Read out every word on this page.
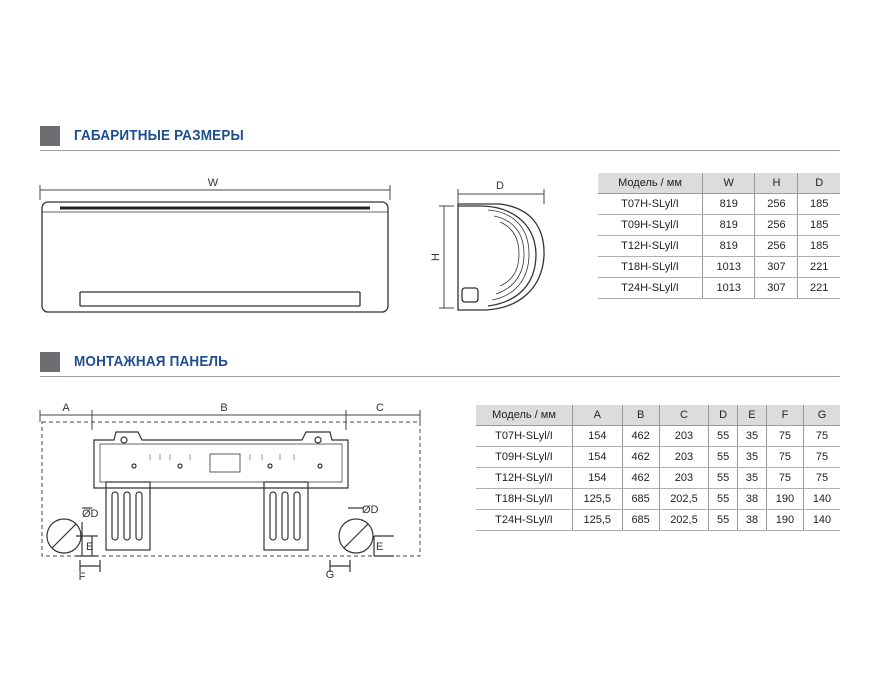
ГАБАРИТНЫЕ РАЗМЕРЫ
W	D
H
Модель / мм	W	H	D
T07H-SLyl/I	819	256	185
T09H-SLyl/I	819	256	185
T12H-SLyl/I	819	256	185
T18H-SLyl/I	1013	307	221
T24H-SLyl/I	1013	307	221
МОНТАЖНАЯ ПАНЕЛЬ
A	B	C
ØD
E
F
ØD
E
G
Модель / мм	A	B	C	D	E	F	G
T07H-SLyl/I	154	462	203	55	35	75	75
T09H-SLyl/I	154	462	203	55	35	75	75
T12H-SLyl/I	154	462	203	55	35	75	75
T18H-SLyl/I	125,5	685	202,5	55	38	190	140
T24H-SLyl/I	125,5	685	202,5	55	38	190	140
